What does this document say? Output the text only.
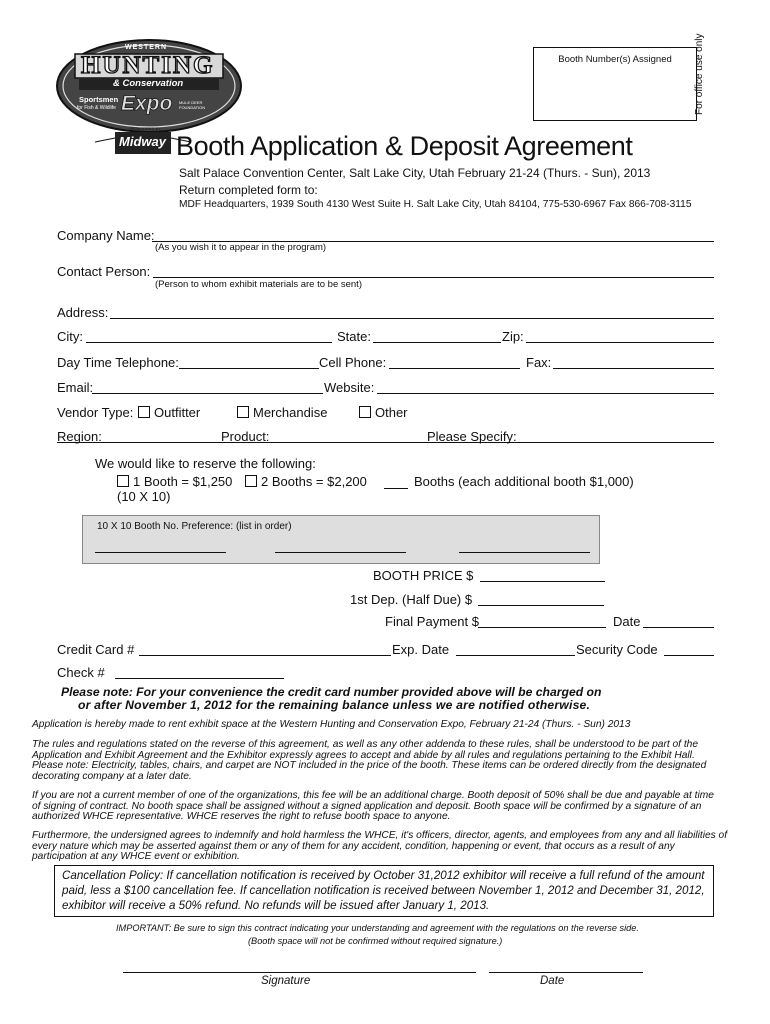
WESTERN
HUNTING
& Conservation
Sportsmen
for Fish & Wildlife Expo MULE DEER FOUNDATION
SPONSORED BY
Midway
Booth Number(s) Assigned	For office use only
Booth Application & Deposit Agreement
Salt Palace Convention Center, Salt Lake City, Utah February 21-24 (Thurs. - Sun), 2013
Return completed form to:
MDF Headquarters, 1939 South 4130 West Suite H. Salt Lake City, Utah 84104, 775-530-6967 Fax 866-708-3115
Company Name:
(As you wish it to appear in the program)
Contact Person:
(Person to whom exhibit materials are to be sent)
Address:
City:	State:	Zip:
Day Time Telephone:	Cell Phone:	Fax:
Email:	Website:
Vendor Type:	Outfitter	Merchandise	Other
Region:	Product:	Please Specify:
We would like to reserve the following:
1 Booth = $1,250	2 Booths = $2,200	Booths (each additional booth $1,000)
(10 X 10)
10 X 10 Booth No. Preference: (list in order)
BOOTH PRICE $
1st Dep. (Half Due) $
Final Payment $	Date
Credit Card #	Exp. Date	Security Code
Check #
Please note: For your convenience the credit card number provided above will be charged on
or after November 1, 2012 for the remaining balance unless we are notified otherwise.
Application is hereby made to rent exhibit space at the Western Hunting and Conservation Expo, February 21-24 (Thurs. - Sun) 2013
The rules and regulations stated on the reverse of this agreement, as well as any other addenda to these rules, shall be understood to be part of the
Application and Exhibit Agreement and the Exhibitor expressly agrees to accept and abide by all rules and regulations pertaining to the Exhibit Hall.
Please note: Electricity, tables, chairs, and carpet are NOT included in the price of the booth. These items can be ordered directly from the designated
decorating company at a later date.
If you are not a current member of one of the organizations, this fee will be an additional charge. Booth deposit of 50% shall be due and payable at time
of signing of contract. No booth space shall be assigned without a signed application and deposit. Booth space will be confirmed by a signature of an
authorized WHCE representative. WHCE reserves the right to refuse booth space to anyone.
Furthermore, the undersigned agrees to indemnify and hold harmless the WHCE, it's officers, director, agents, and employees from any and all liabilities of
every nature which may be asserted against them or any of them for any accident, condition, happening or event, that occurs as a result of any
participation at any WHCE event or exhibition.
Cancellation Policy: If cancellation notification is received by October 31,2012 exhibitor will receive a full refund of the amount
paid, less a $100 cancellation fee. If cancellation notification is received between November 1, 2012 and December 31, 2012,
exhibitor will receive a 50% refund. No refunds will be issued after January 1, 2013.
IMPORTANT: Be sure to sign this contract indicating your understanding and agreement with the regulations on the reverse side.
(Booth space will not be confirmed without required signature.)
Signature	Date
